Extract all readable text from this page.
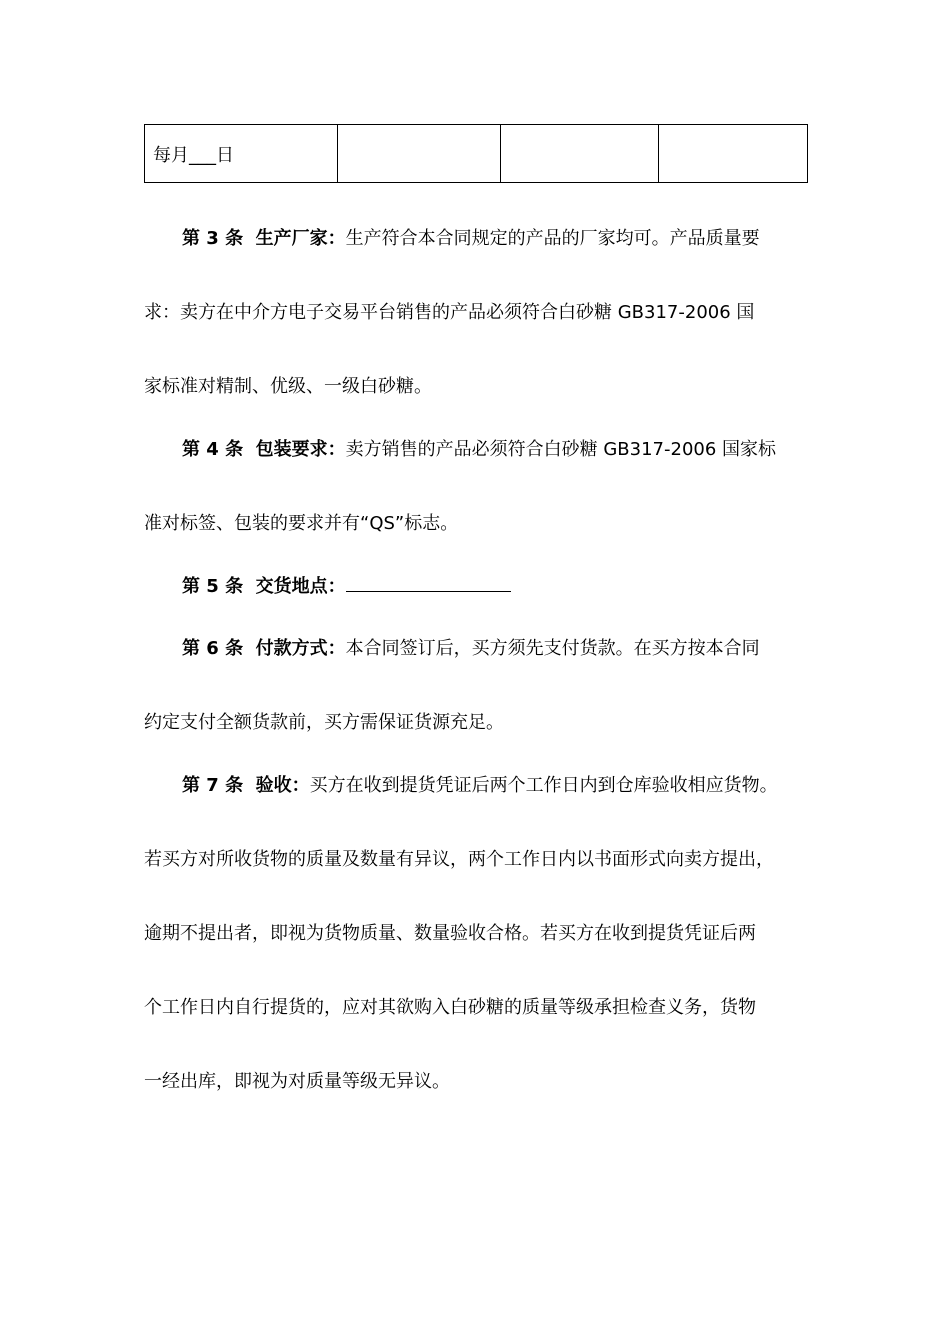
每月___日			

第 3 条 生产厂家：生产符合本合同规定的产品的厂家均可。产品质量要

求：卖方在中介方电子交易平台销售的产品必须符合白砂糖 GB317-2006 国

家标准对精制、优级、一级白砂糖。

第 4 条 包装要求：卖方销售的产品必须符合白砂糖 GB317-2006 国家标

准对标签、包装的要求并有“QS”标志。

第 5 条 交货地点：

第 6 条 付款方式：本合同签订后，买方须先支付货款。在买方按本合同

约定支付全额货款前，买方需保证货源充足。

第 7 条 验收：买方在收到提货凭证后两个工作日内到仓库验收相应货物。

若买方对所收货物的质量及数量有异议，两个工作日内以书面形式向卖方提出，

逾期不提出者，即视为货物质量、数量验收合格。若买方在收到提货凭证后两

个工作日内自行提货的，应对其欲购入白砂糖的质量等级承担检查义务，货物

一经出库，即视为对质量等级无异议。
